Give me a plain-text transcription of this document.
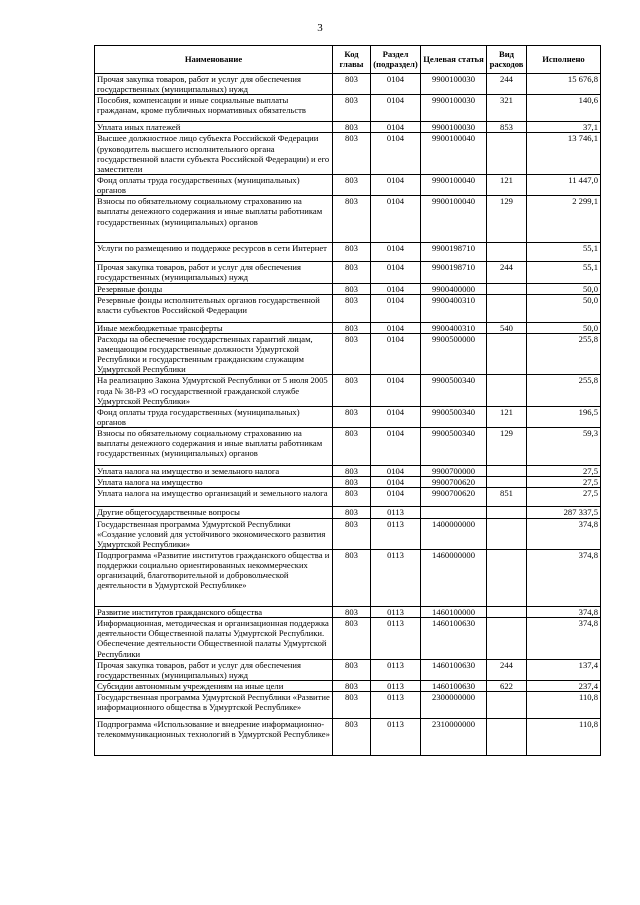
3
Наименование	Код главы	Раздел (подраздел)	Целевая статья	Вид расходов	Исполнено
Прочая закупка товаров, работ и услуг для обеспечения государственных (муниципальных) нужд	803	0104	9900100030	244	15 676,8
Пособия, компенсации и иные социальные выплаты гражданам, кроме публичных нормативных обязательств	803	0104	9900100030	321	140,6
Уплата иных платежей	803	0104	9900100030	853	37,1
Высшее должностное лицо субъекта Российской Федерации (руководитель высшего исполнительного органа государственной власти субъекта Российской Федерации) и его заместители	803	0104	9900100040		13 746,1
Фонд оплаты труда государственных (муниципальных) органов	803	0104	9900100040	121	11 447,0
Взносы по обязательному социальному страхованию на выплаты денежного содержания и иные выплаты работникам государственных (муниципальных) органов	803	0104	9900100040	129	2 299,1
Услуги по размещению и поддержке ресурсов в сети Интернет	803	0104	9900198710		55,1
Прочая закупка товаров, работ и услуг для обеспечения государственных (муниципальных) нужд	803	0104	9900198710	244	55,1
Резервные фонды	803	0104	9900400000		50,0
Резервные фонды исполнительных органов государственной власти субъектов Российской Федерации	803	0104	9900400310		50,0
Иные межбюджетные трансферты	803	0104	9900400310	540	50,0
Расходы на обеспечение государственных гарантий лицам, замещающим государственные должности Удмуртской Республики и государственным гражданским служащим Удмуртской Республики	803	0104	9900500000		255,8
На реализацию Закона Удмуртской Республики от 5 июля 2005 года № 38-РЗ «О государственной гражданской службе Удмуртской Республики»	803	0104	9900500340		255,8
Фонд оплаты труда государственных (муниципальных) органов	803	0104	9900500340	121	196,5
Взносы по обязательному социальному страхованию на выплаты денежного содержания и иные выплаты работникам государственных (муниципальных) органов	803	0104	9900500340	129	59,3
Уплата налога на имущество и земельного налога	803	0104	9900700000		27,5
Уплата налога на имущество	803	0104	9900700620		27,5
Уплата налога на имущество организаций и земельного налога	803	0104	9900700620	851	27,5
Другие общегосударственные вопросы	803	0113			287 337,5
Государственная программа Удмуртской Республики «Создание условий для устойчивого экономического развития Удмуртской Республики»	803	0113	1400000000		374,8
Подпрограмма «Развитие институтов гражданского общества и поддержки социально ориентированных некоммерческих организаций, благотворительной и добровольческой деятельности в Удмуртской Республике»	803	0113	1460000000		374,8
Развитие институтов гражданского общества	803	0113	1460100000		374,8
Информационная, методическая и организационная поддержка деятельности Общественной палаты Удмуртской Республики. Обеспечение деятельности Общественной палаты Удмуртской Республики	803	0113	1460100630		374,8
Прочая закупка товаров, работ и услуг для обеспечения государственных (муниципальных) нужд	803	0113	1460100630	244	137,4
Субсидии автономным учреждениям на иные цели	803	0113	1460100630	622	237,4
Государственная программа Удмуртской Республики «Развитие информационного общества в Удмуртской Республике»	803	0113	2300000000		110,8
Подпрограмма «Использование и внедрение информационно-телекоммуникационных технологий в Удмуртской Республике»	803	0113	2310000000		110,8
